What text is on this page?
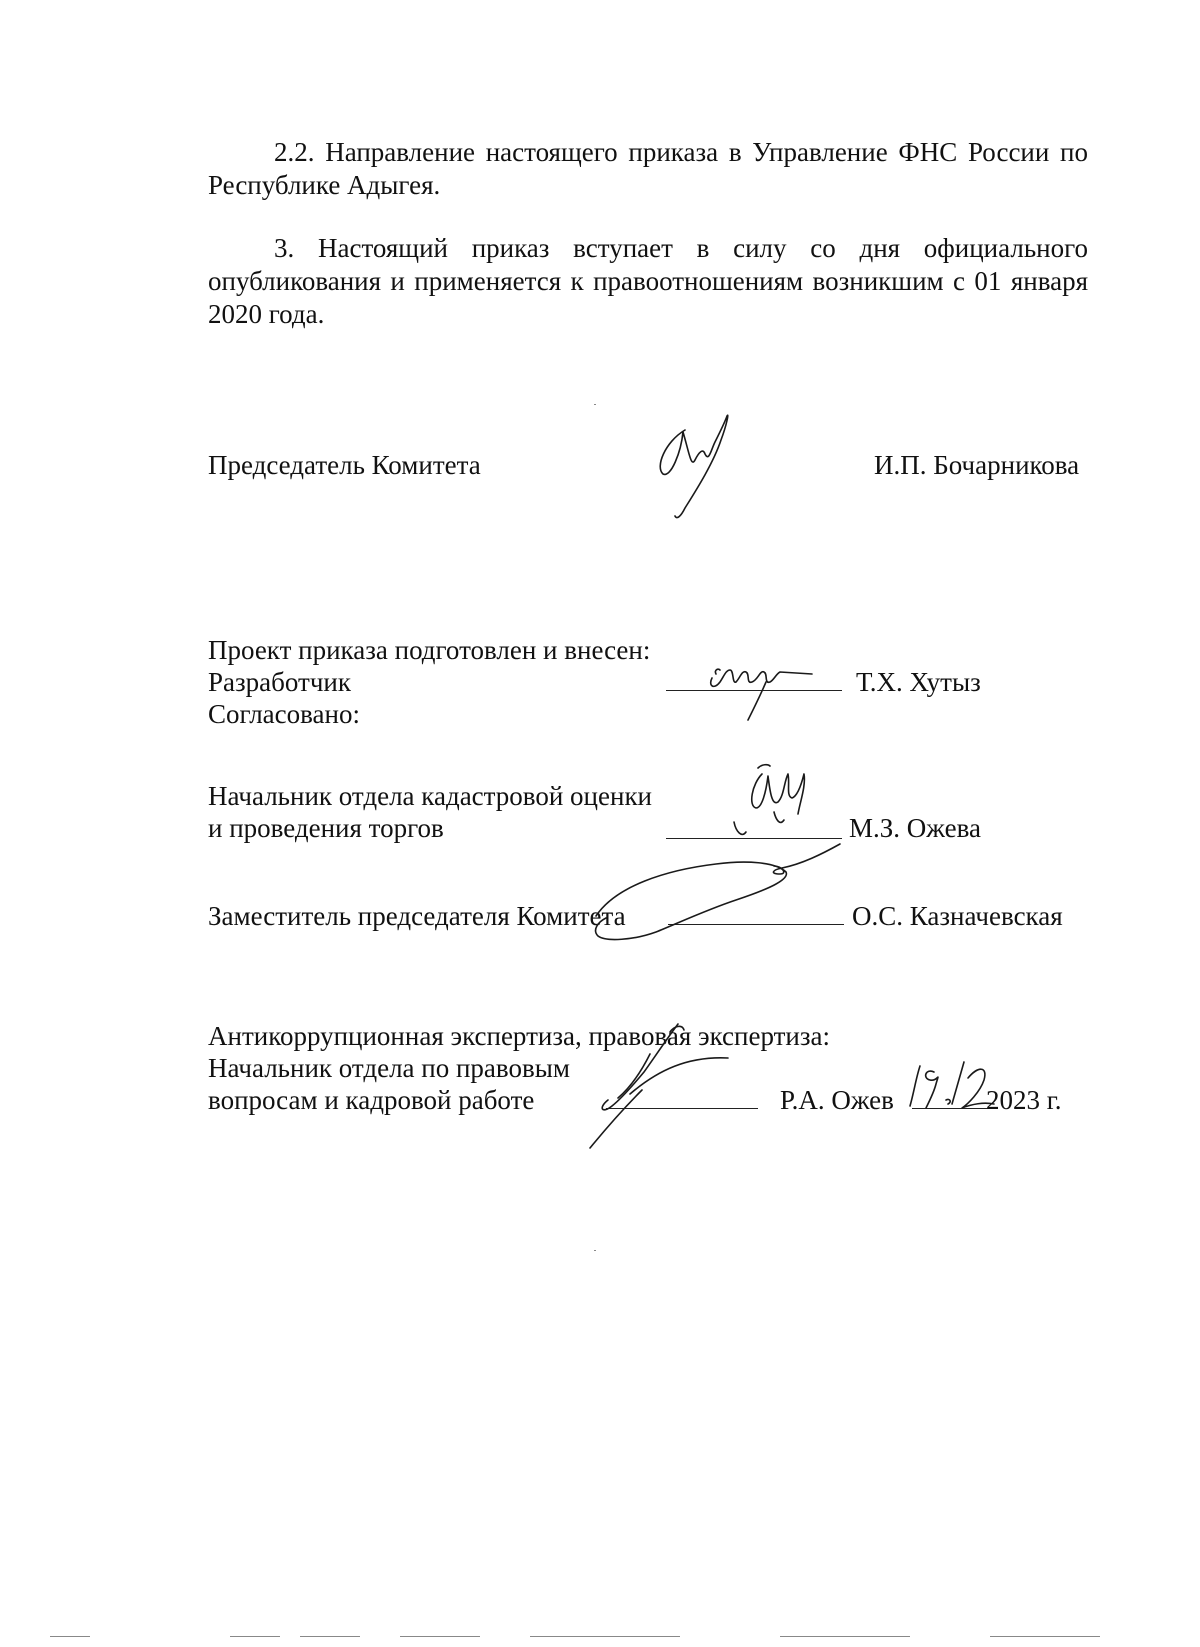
2.2. Направление настоящего приказа в Управление ФНС России по
Республике Адыгея.
3. Настоящий приказ вступает в силу со дня официального
опубликования и применяется к правоотношениям возникшим с 01 января
2020 года.
Председатель Комитета	И.П. Бочарникова
Проект приказа подготовлен и внесен:
Разработчик	Т.Х. Хутыз
Согласовано:
Начальник отдела кадастровой оценки
и проведения торгов	М.З. Ожева
Заместитель председателя Комитета	О.С. Казначевская
Антикоррупционная экспертиза, правовая экспертиза:
Начальник отдела по правовым
вопросам и кадровой работе	Р.А. Ожев	2023 г.
